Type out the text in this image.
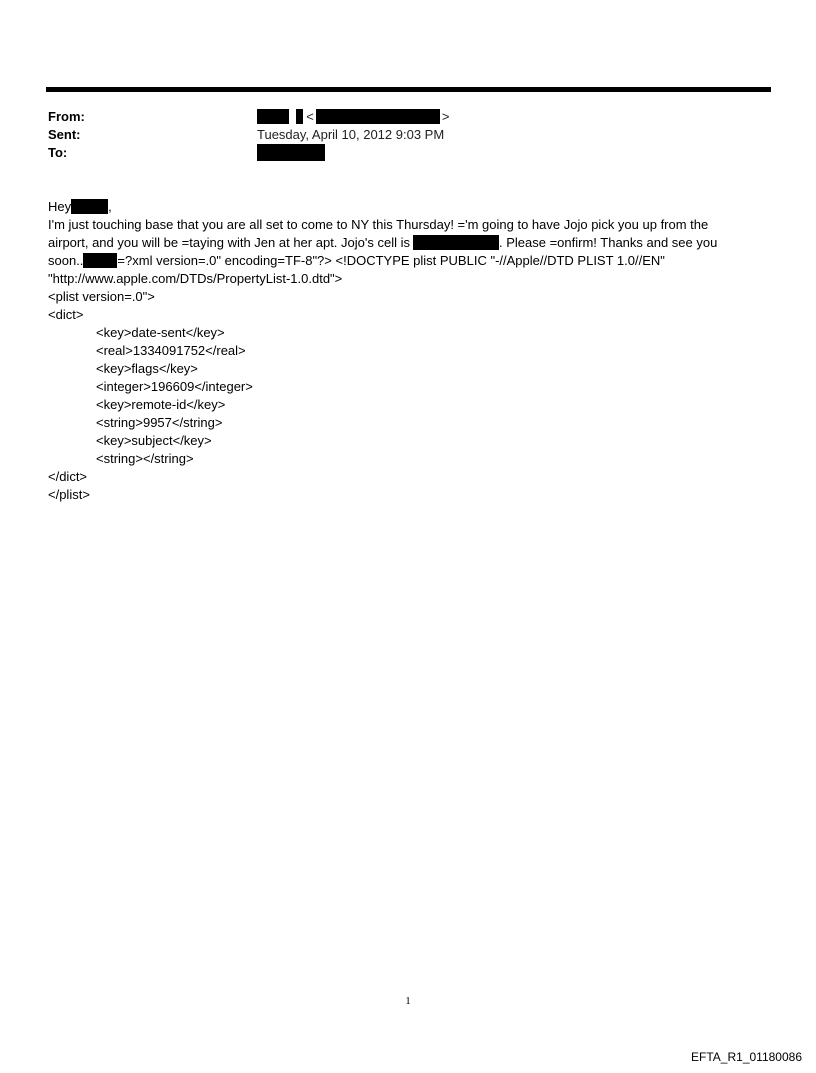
From:	<	>
Sent:	Tuesday, April 10, 2012 9:03 PM
To:
Hey	,
I'm just touching base that you are all set to come to NY this Thursday! ='m going to have Jojo pick you up from the
airport, and you will be =taying with Jen at her apt. Jojo's cell is	. Please =onfirm! Thanks and see you
soon..	=?xml version=.0" encoding=TF-8"?> <!DOCTYPE plist PUBLIC "-//Apple//DTD PLIST 1.0//EN"
"http://www.apple.com/DTDs/PropertyList-1.0.dtd">
<plist version=.0">
<dict>
<key>date-sent</key>
<real>1334091752</real>
<key>flags</key>
<integer>196609</integer>
<key>remote-id</key>
<string>9957</string>
<key>subject</key>
<string></string>
</dict>
</plist>
1
EFTA_R1_01180086
